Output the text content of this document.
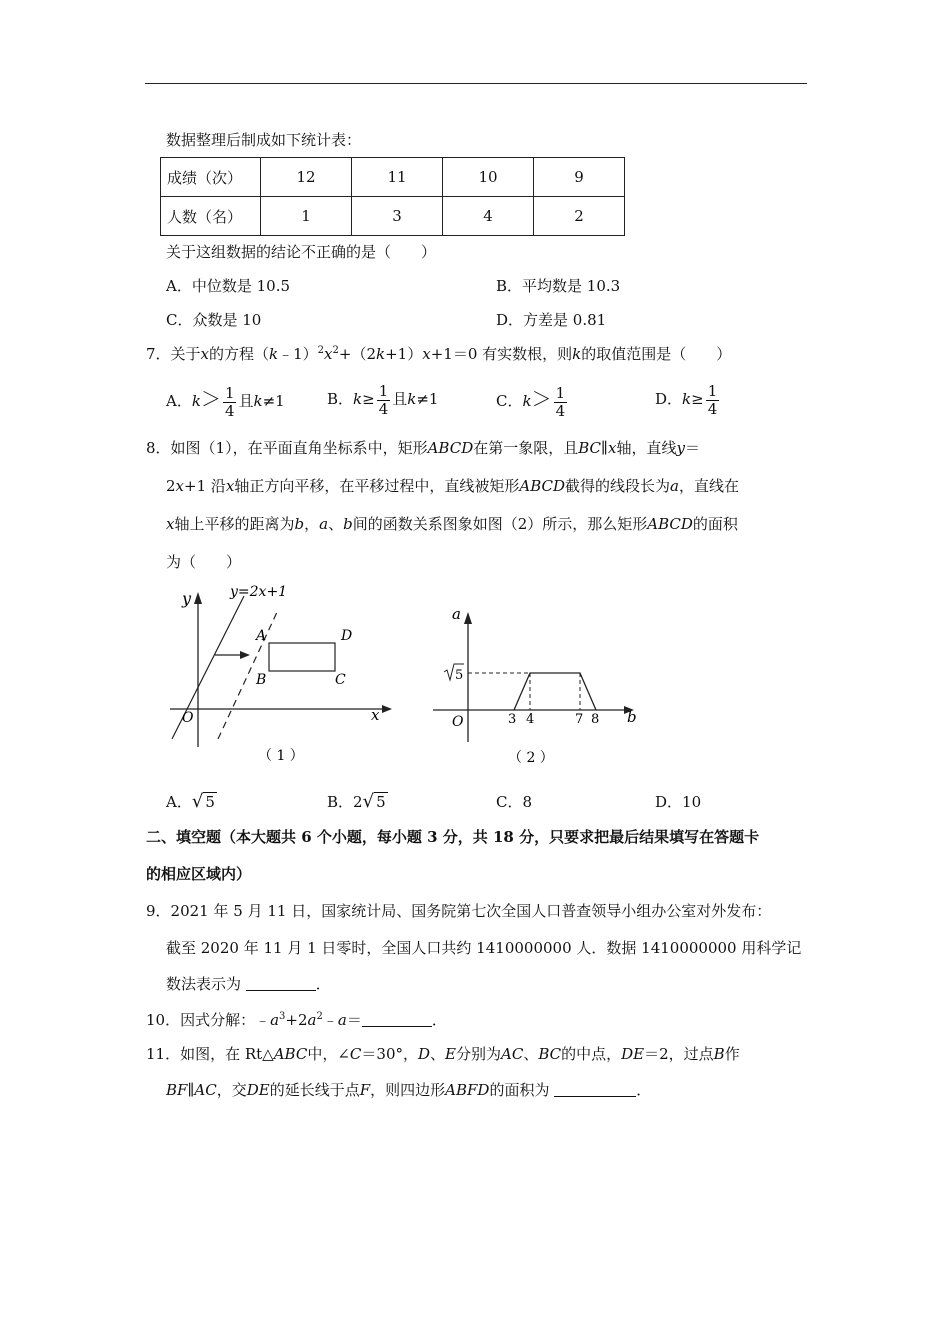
数据整理后制成如下统计表：
成绩（次）	12	11	10	9
人数（名）	1	3	4	2
关于这组数据的结论不正确的是（　　）
A．中位数是 10.5	B．平均数是 10.3
C．众数是 10	D．方差是 0.81
7．关于x的方程$(k﹣1)^2x^2+(2k+1)x+1=0$ 有实数根，则k的取值范围是（　　）
A．$k> \frac{1}{4}$ 且k≠1	B．$k\ge \frac{1}{4}$ 且k≠1	C．$k> \frac{1}{4}$	D．$k\ge \frac{1}{4}$
8．如图（1），在平面直角坐标系中，矩形ABCD在第一象限，且BC∥x轴，直线y＝
2x+1 沿x轴正方向平移，在平移过程中，直线被矩形ABCD截得的线段长为a，直线在
x轴上平移的距离为b，a、b间的函数关系图象如图（2）所示，那么矩形ABCD的面积
为（　　）
y	y=2x+1
A	D
B	C
O	x
（ 1 ）
a
5
O	3 4	7 8 b
（ 2 ）
A．√ 5	B．2√ 5	C．8	D．10
二、填空题（本大题共 6 个小题，每小题 3 分，共 18 分，只要求把最后结果填写在答题卡
的相应区域内）
9．2021 年 5 月 11 日，国家统计局、国务院第七次全国人口普查领导小组办公室对外发布：
截至 2020 年 11 月 1 日零时，全国人口共约 1410000000 人．数据 1410000000 用科学记
数法表示为	．
10．因式分解：$﹣a^3+2a^2﹣a=$	．
11．如图，在 Rt△ABC中，∠C＝30°，D、E分别为AC、BC的中点，DE＝2，过点B作
BF∥AC，交DE的延长线于点F，则四边形ABFD的面积为	．
